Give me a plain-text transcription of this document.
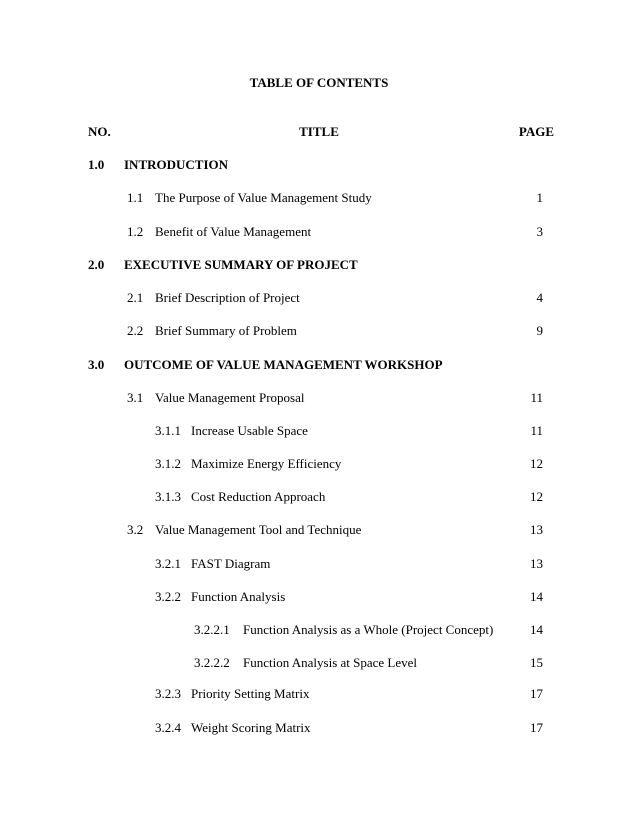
TABLE OF CONTENTS
NO.	TITLE	PAGE
1.0 INTRODUCTION
1.1 The Purpose of Value Management Study	1
1.2 Benefit of Value Management	3
2.0 EXECUTIVE SUMMARY OF PROJECT
2.1 Brief Description of Project	4
2.2 Brief Summary of Problem	9
3.0 OUTCOME OF VALUE MANAGEMENT WORKSHOP
3.1 Value Management Proposal	11
3.1.1 Increase Usable Space	11
3.1.2 Maximize Energy Efficiency	12
3.1.3 Cost Reduction Approach	12
3.2 Value Management Tool and Technique	13
3.2.1 FAST Diagram	13
3.2.2 Function Analysis	14
3.2.2.1 Function Analysis as a Whole (Project Concept)	14
3.2.2.2 Function Analysis at Space Level	15
3.2.3 Priority Setting Matrix	17
3.2.4 Weight Scoring Matrix	17
